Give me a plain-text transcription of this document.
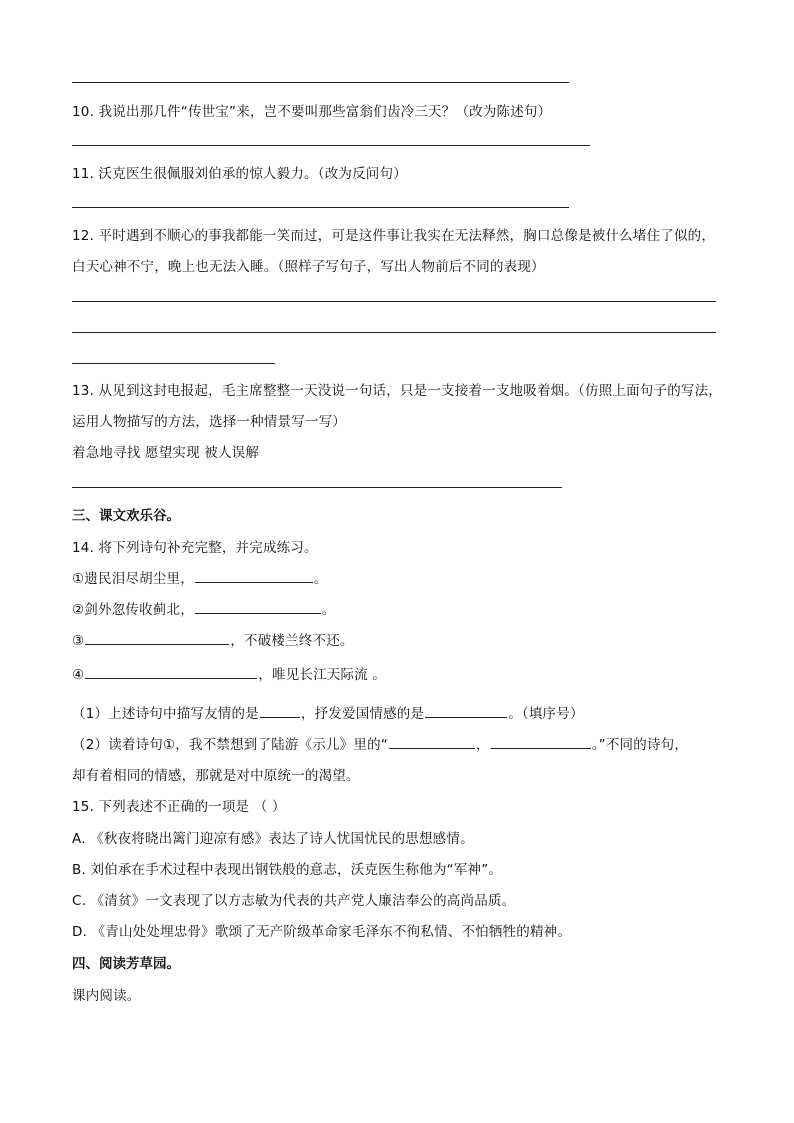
10. 我说出那几件“传世宝”来，岂不要叫那些富翁们齿冷三天？（改为陈述句）
11. 沃克医生很佩服刘伯承的惊人毅力。（改为反问句）
12. 平时遇到不顺心的事我都能一笑而过，可是这件事让我实在无法释然，胸口总像是被什么堵住了似的，
白天心神不宁，晚上也无法入睡。（照样子写句子，写出人物前后不同的表现）
13. 从见到这封电报起，毛主席整整一天没说一句话，只是一支接着一支地吸着烟。（仿照上面句子的写法，
运用人物描写的方法，选择一种情景写一写）
着急地寻找 愿望实现 被人误解
三、课文欢乐谷。
14. 将下列诗句补充完整，并完成练习。
①遗民泪尽胡尘里，	。
②剑外忽传收蓟北，	。
③	，不破楼兰终不还。
④	，唯见长江天际流 。
（1）上述诗句中描写友情的是	，抒发爱国情感的是	。（填序号）
（2）读着诗句①，我不禁想到了陆游《示儿》里的“	，	。”不同的诗句，
却有着相同的情感，那就是对中原统一的渴望。
15. 下列表述不正确的一项是 （ ）
A. 《秋夜将晓出篱门迎凉有感》表达了诗人忧国忧民的思想感情。
B. 刘伯承在手术过程中表现出钢铁般的意志，沃克医生称他为“军神”。
C. 《清贫》一文表现了以方志敏为代表的共产党人廉洁奉公的高尚品质。
D. 《青山处处埋忠骨》歌颂了无产阶级革命家毛泽东不徇私情、不怕牺牲的精神。
四、阅读芳草园。
课内阅读。
